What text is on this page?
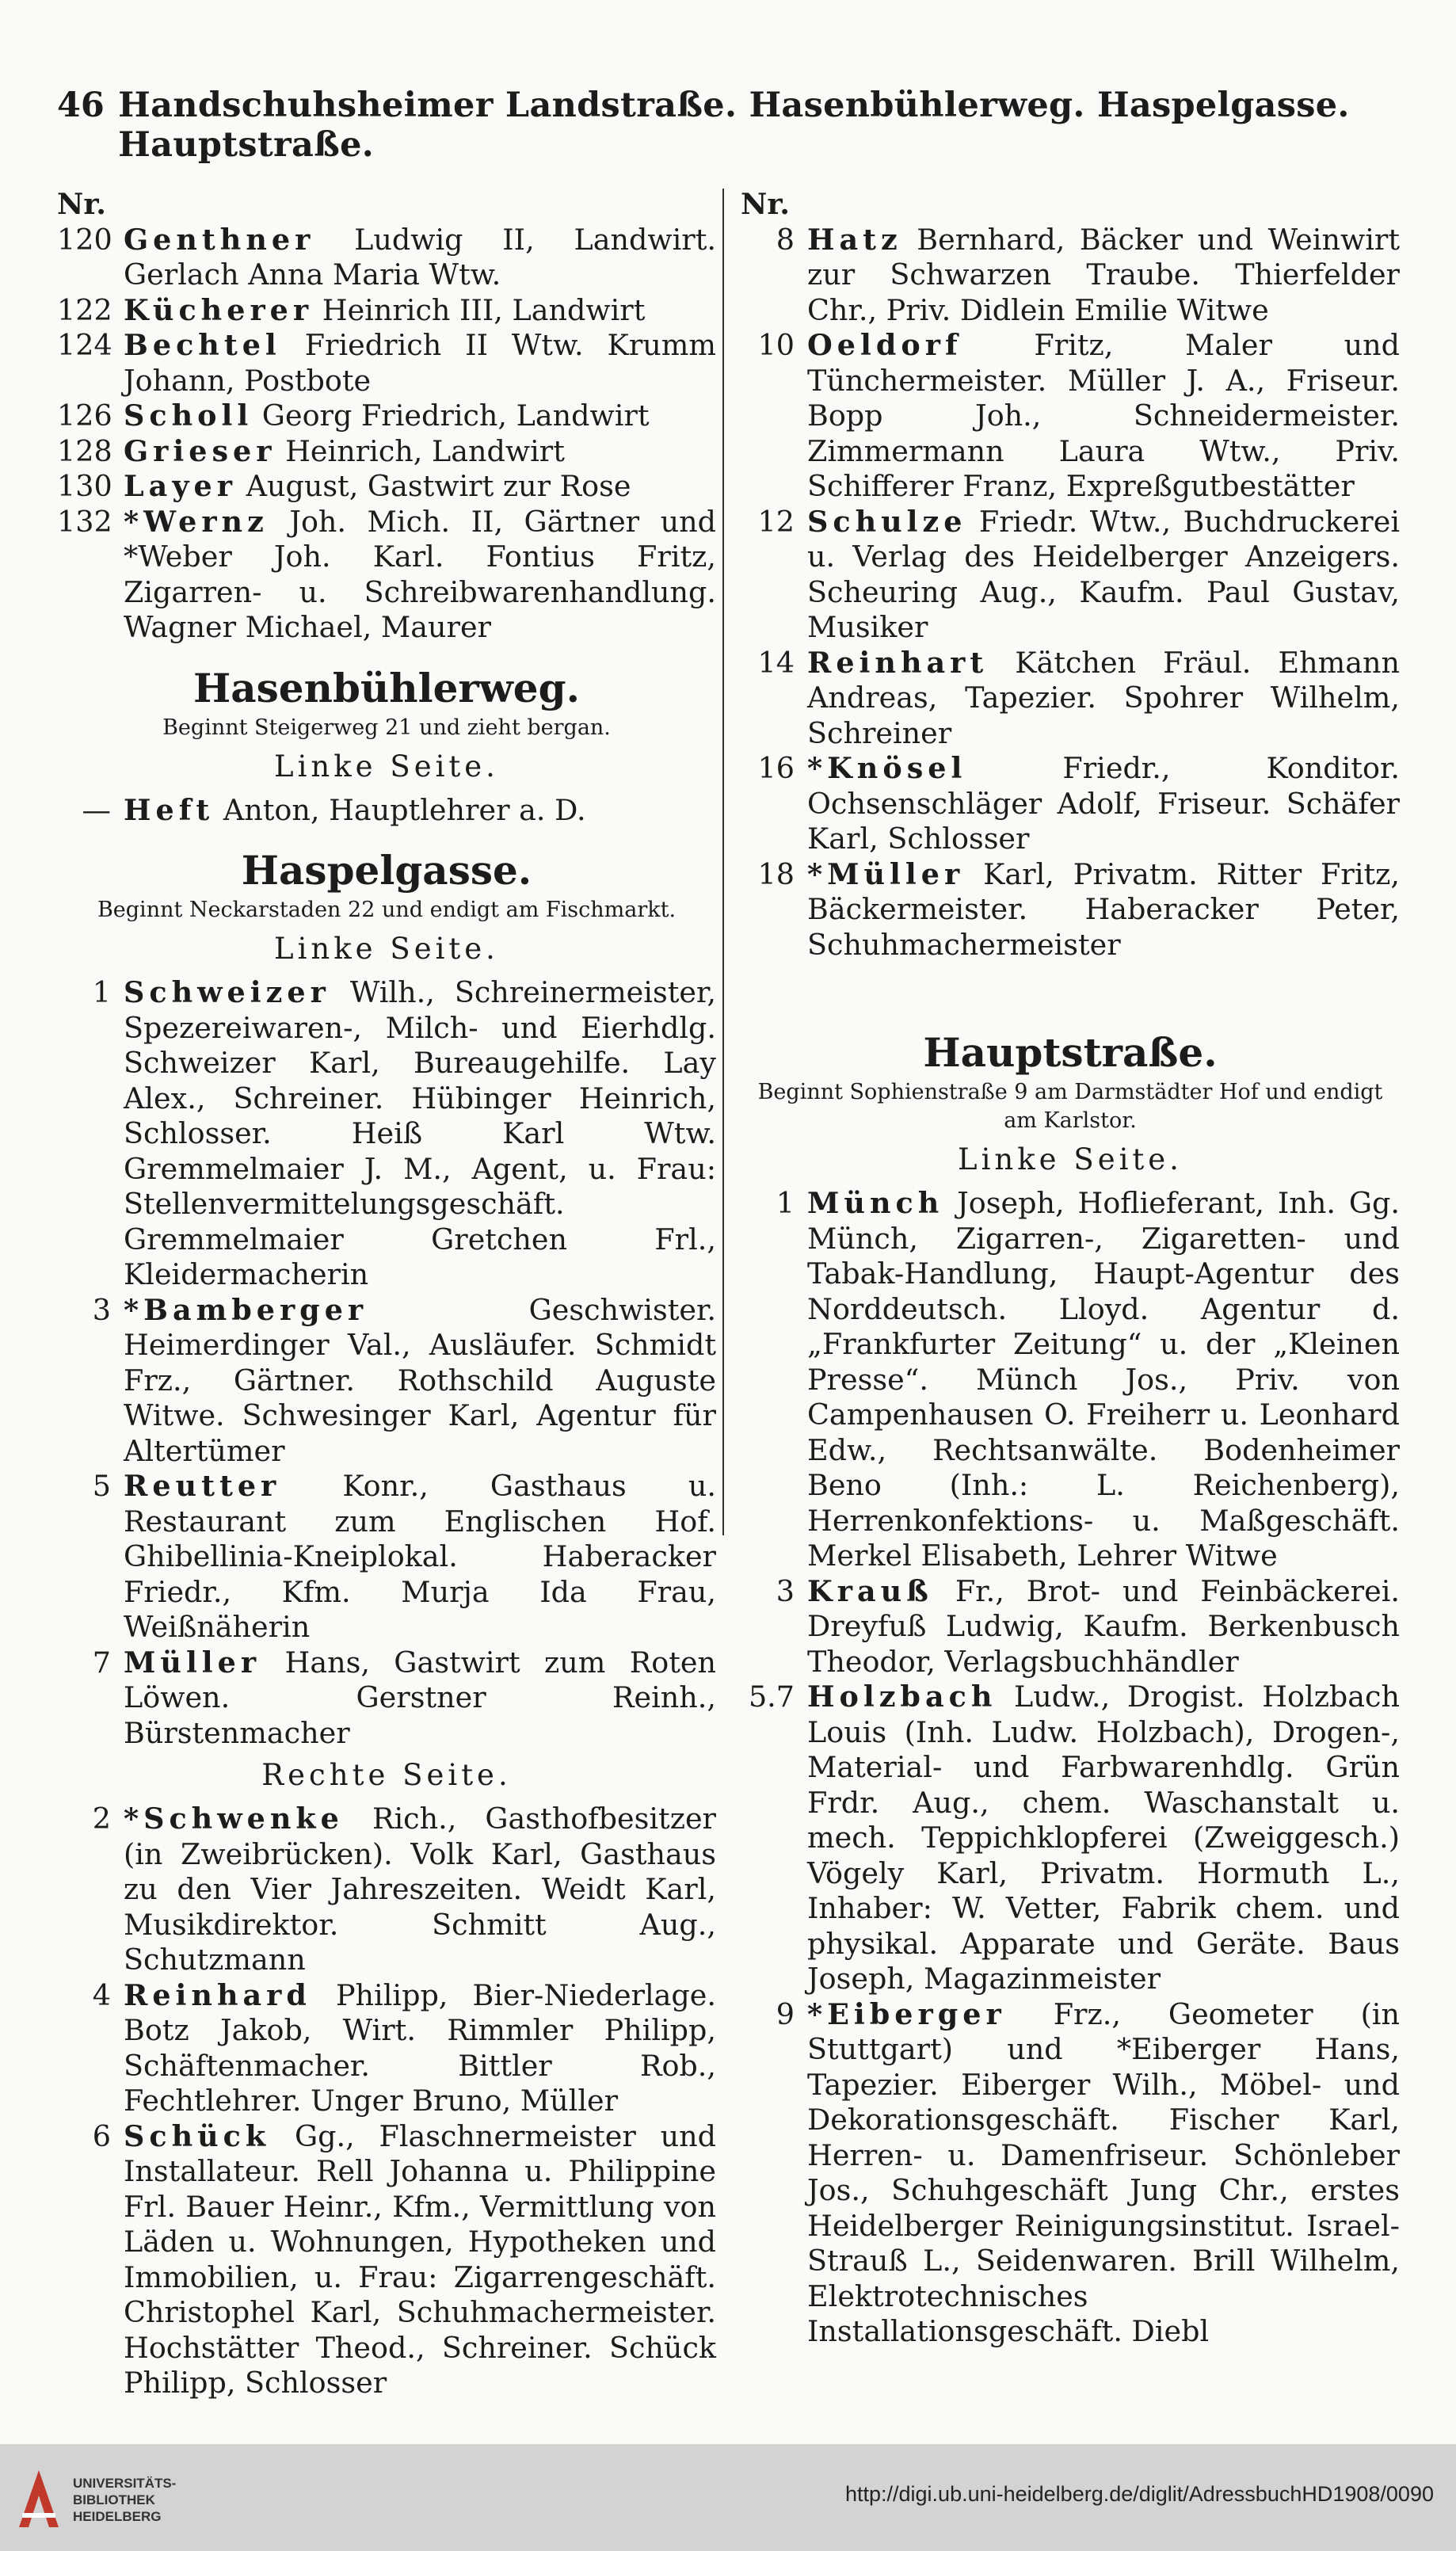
46 Handschuhsheimer Landstraße. Hasenbühlerweg. Haspelgasse. Hauptstraße.
Nr.
120 Genthner Ludwig II, Landwirt. Gerlach Anna Maria Wtw.
122 Kücherer Heinrich III, Landwirt
124 Bechtel Friedrich II Wtw. Krumm Johann, Postbote
126 Scholl Georg Friedrich, Landwirt
128 Grieser Heinrich, Landwirt
130 Layer August, Gastwirt zur Rose
132 *Wernz Joh. Mich. II, Gärtner und *Weber Joh. Karl. Fontius Fritz, Zigarren- u. Schreibwarenhandlung. Wagner Michael, Maurer
Hasenbühlerweg.
Beginnt Steigerweg 21 und zieht bergan.
Linke Seite.
— Heft Anton, Hauptlehrer a. D.
Haspelgasse.
Beginnt Neckarstaden 22 und endigt am Fischmarkt.
Linke Seite.
1 Schweizer Wilh., Schreinermeister, Spezereiwaren-, Milch- und Eierhdlg. Schweizer Karl, Bureaugehilfe. Lay Alex., Schreiner. Hübinger Heinrich, Schlosser. Heiß Karl Wtw. Gremmelmaier J. M., Agent, u. Frau: Stellenvermittelungsgeschäft. Gremmelmaier Gretchen Frl., Kleidermacherin
3 *Bamberger Geschwister. Heimerdinger Val., Ausläufer. Schmidt Frz., Gärtner. Rothschild Auguste Witwe. Schwesinger Karl, Agentur für Altertümer
5 Reutter Konr., Gasthaus u. Restaurant zum Englischen Hof. Ghibellinia-Kneiplokal. Haberacker Friedr., Kfm. Murja Ida Frau, Weißnäherin
7 Müller Hans, Gastwirt zum Roten Löwen. Gerstner Reinh., Bürstenmacher
Rechte Seite.
2 *Schwenke Rich., Gasthofbesitzer (in Zweibrücken). Volk Karl, Gasthaus zu den Vier Jahreszeiten. Weidt Karl, Musikdirektor. Schmitt Aug., Schutzmann
4 Reinhard Philipp, Bier-Niederlage. Botz Jakob, Wirt. Rimmler Philipp, Schäftenmacher. Bittler Rob., Fechtlehrer. Unger Bruno, Müller
6 Schück Gg., Flaschnermeister und Installateur. Rell Johanna u. Philippine Frl. Bauer Heinr., Kfm., Vermittlung von Läden u. Wohnungen, Hypotheken und Immobilien, u. Frau: Zigarrengeschäft. Christophel Karl, Schuhmachermeister. Hochstätter Theod., Schreiner. Schück Philipp, Schlosser
Nr.
8 Hatz Bernhard, Bäcker und Weinwirt zur Schwarzen Traube. Thierfelder Chr., Priv. Didlein Emilie Witwe
10 Oeldorf Fritz, Maler und Tünchermeister. Müller J. A., Friseur. Bopp Joh., Schneidermeister. Zimmermann Laura Wtw., Priv. Schifferer Franz, Expreßgutbestätter
12 Schulze Friedr. Wtw., Buchdruckerei u. Verlag des Heidelberger Anzeigers. Scheuring Aug., Kaufm. Paul Gustav, Musiker
14 Reinhart Kätchen Fräul. Ehmann Andreas, Tapezier. Spohrer Wilhelm, Schreiner
16 *Knösel Friedr., Konditor. Ochsenschläger Adolf, Friseur. Schäfer Karl, Schlosser
18 *Müller Karl, Privatm. Ritter Fritz, Bäckermeister. Haberacker Peter, Schuhmachermeister
Hauptstraße.
Beginnt Sophienstraße 9 am Darmstädter Hof und endigt am Karlstor.
Linke Seite.
1 Münch Joseph, Hoflieferant, Inh. Gg. Münch, Zigarren-, Zigaretten- und Tabak-Handlung, Haupt-Agentur des Norddeutsch. Lloyd. Agentur d. „Frankfurter Zeitung“ u. der „Kleinen Presse“. Münch Jos., Priv. von Campenhausen O. Freiherr u. Leonhard Edw., Rechtsanwälte. Bodenheimer Beno (Inh.: L. Reichenberg), Herrenkonfektions- u. Maßgeschäft. Merkel Elisabeth, Lehrer Witwe
3 Krauß Fr., Brot- und Feinbäckerei. Dreyfuß Ludwig, Kaufm. Berkenbusch Theodor, Verlagsbuchhändler
5.7 Holzbach Ludw., Drogist. Holzbach Louis (Inh. Ludw. Holzbach), Drogen-, Material- und Farbwarenhdlg. Grün Frdr. Aug., chem. Waschanstalt u. mech. Teppichklopferei (Zweiggesch.) Vögely Karl, Privatm. Hormuth L., Inhaber: W. Vetter, Fabrik chem. und physikal. Apparate und Geräte. Baus Joseph, Magazinmeister
9 *Eiberger Frz., Geometer (in Stuttgart) und *Eiberger Hans, Tapezier. Eiberger Wilh., Möbel- und Dekorationsgeschäft. Fischer Karl, Herren- u. Damenfriseur. Schönleber Jos., Schuhgeschäft Jung Chr., erstes Heidelberger Reinigungsinstitut. Israel-Strauß L., Seidenwaren. Brill Wilhelm, Elektrotechnisches Installationsgeschäft. Diebl
UNIVERSITÄTS-
BIBLIOTHEK
HEIDELBERG
http://digi.ub.uni-heidelberg.de/diglit/AdressbuchHD1908/0090
